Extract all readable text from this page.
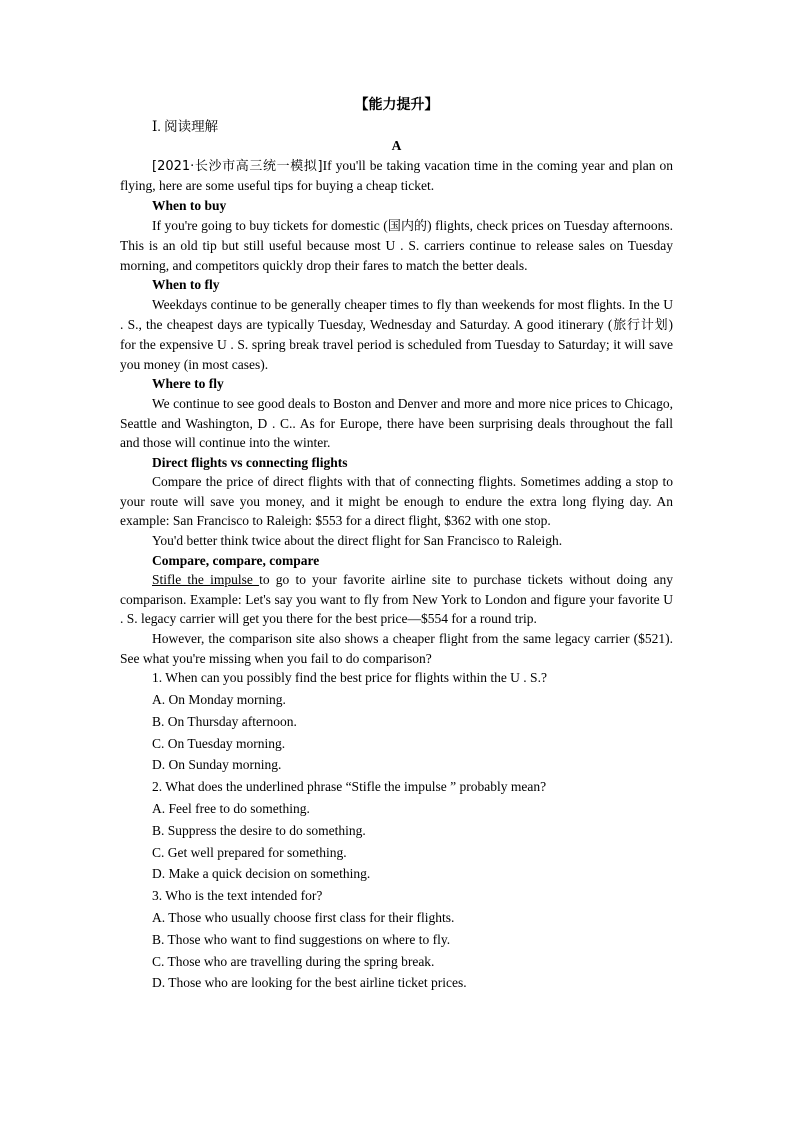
【能力提升】
Ⅰ. 阅读理解
A

[2021·长沙市高三统一模拟]If you'll be taking vacation time in the coming year and plan on flying, here are some useful tips for buying a cheap ticket.

When to buy

If you're going to buy tickets for domestic (国内的) flights, check prices on Tuesday afternoons. This is an old tip but still useful because most U . S. carriers continue to release sales on Tuesday morning, and competitors quickly drop their fares to match the better deals.

When to fly

Weekdays continue to be generally cheaper times to fly than weekends for most flights. In the U . S., the cheapest days are typically Tuesday, Wednesday and Saturday. A good itinerary (旅行计划) for the expensive U . S. spring break travel period is scheduled from Tuesday to Saturday; it will save you money (in most cases).

Where to fly

We continue to see good deals to Boston and Denver and more and more nice prices to Chicago, Seattle and Washington, D . C.. As for Europe, there have been surprising deals throughout the fall and those will continue into the winter.

Direct flights vs connecting flights

Compare the price of direct flights with that of connecting flights. Sometimes adding a stop to your route will save you money, and it might be enough to endure the extra long flying day. An example: San Francisco to Raleigh: $553 for a direct flight, $362 with one stop.

You'd better think twice about the direct flight for San Francisco to Raleigh.

Compare, compare, compare

Stifle the impulse to go to your favorite airline site to purchase tickets without doing any comparison. Example: Let's say you want to fly from New York to London and figure your favorite U . S. legacy carrier will get you there for the best price—$554 for a round trip.

However, the comparison site also shows a cheaper flight from the same legacy carrier ($521). See what you're missing when you fail to do comparison?

1. When can you possibly find the best price for flights within the U . S.?

A. On Monday morning.

B. On Thursday afternoon.

C. On Tuesday morning.

D. On Sunday morning.

2. What does the underlined phrase “Stifle the impulse ” probably mean?

A. Feel free to do something.

B. Suppress the desire to do something.

C. Get well prepared for something.

D. Make a quick decision on something.

3. Who is the text intended for?

A. Those who usually choose first class for their flights.

B. Those who want to find suggestions on where to fly.

C. Those who are travelling during the spring break.

D. Those who are looking for the best airline ticket prices.
